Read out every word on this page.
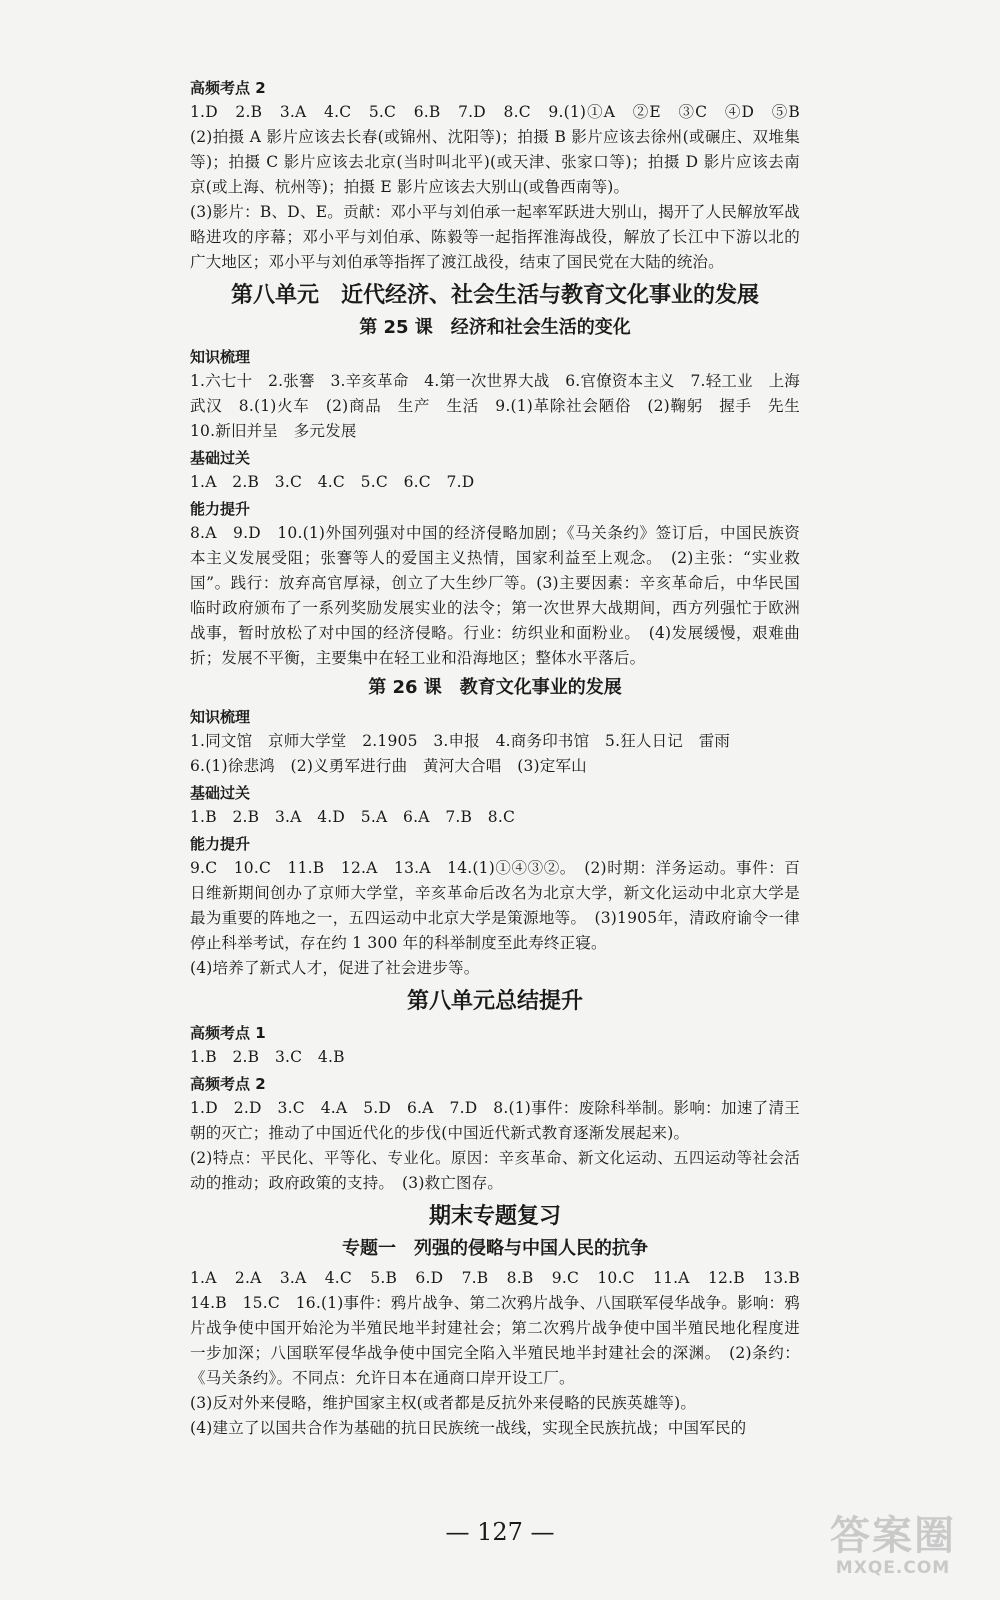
高频考点 2

1.D　2.B　3.A　4.C　5.C　6.B　7.D　8.C　9.(1)①A　②E　③C　④D　⑤B　(2)拍摄 A 影片应该去长春(或锦州、沈阳等)；拍摄 B 影片应该去徐州(或碾庄、双堆集等)；拍摄 C 影片应该去北京(当时叫北平)(或天津、张家口等)；拍摄 D 影片应该去南京(或上海、杭州等)；拍摄 E 影片应该去大别山(或鲁西南等)。
(3)影片：B、D、E。贡献：邓小平与刘伯承一起率军跃进大别山，揭开了人民解放军战略进攻的序幕；邓小平与刘伯承、陈毅等一起指挥淮海战役，解放了长江中下游以北的广大地区；邓小平与刘伯承等指挥了渡江战役，结束了国民党在大陆的统治。

第八单元　近代经济、社会生活与教育文化事业的发展
第 25 课　经济和社会生活的变化
知识梳理

1.六七十　2.张謇　3.辛亥革命　4.第一次世界大战　6.官僚资本主义　7.轻工业　上海　武汉　8.(1)火车　(2)商品　生产　生活　9.(1)革除社会陋俗　(2)鞠躬　握手　先生　10.新旧并呈　多元发展

基础过关

1.A　2.B　3.C　4.C　5.C　6.C　7.D

能力提升

8.A　9.D　10.(1)外国列强对中国的经济侵略加剧；《马关条约》签订后，中国民族资本主义发展受阻；张謇等人的爱国主义热情，国家利益至上观念。　(2)主张：“实业救国”。践行：放弃高官厚禄，创立了大生纱厂等。(3)主要因素：辛亥革命后，中华民国临时政府颁布了一系列奖励发展实业的法令；第一次世界大战期间，西方列强忙于欧洲战事，暂时放松了对中国的经济侵略。行业：纺织业和面粉业。　(4)发展缓慢，艰难曲折；发展不平衡，主要集中在轻工业和沿海地区；整体水平落后。

第 26 课　教育文化事业的发展
知识梳理

1.同文馆　京师大学堂　2.1905　3.申报　4.商务印书馆　5.狂人日记　雷雨
6.(1)徐悲鸿　(2)义勇军进行曲　黄河大合唱　(3)定军山

基础过关

1.B　2.B　3.A　4.D　5.A　6.A　7.B　8.C

能力提升

9.C　10.C　11.B　12.A　13.A　14.(1)①④③②。　(2)时期：洋务运动。事件：百日维新期间创办了京师大学堂，辛亥革命后改名为北京大学，新文化运动中北京大学是最为重要的阵地之一，五四运动中北京大学是策源地等。　(3)1905年，清政府谕令一律停止科举考试，存在约 1 300 年的科举制度至此寿终正寝。
(4)培养了新式人才，促进了社会进步等。

第八单元总结提升
高频考点 1

1.B　2.B　3.C　4.B

高频考点 2

1.D　2.D　3.C　4.A　5.D　6.A　7.D　8.(1)事件：废除科举制。影响：加速了清王朝的灭亡；推动了中国近代化的步伐(中国近代新式教育逐渐发展起来)。
(2)特点：平民化、平等化、专业化。原因：辛亥革命、新文化运动、五四运动等社会活动的推动；政府政策的支持。　(3)救亡图存。

期末专题复习
专题一　列强的侵略与中国人民的抗争

1.A　2.A　3.A　4.C　5.B　6.D　7.B　8.B　9.C　10.C　11.A　12.B　13.B　14.B　15.C　16.(1)事件：鸦片战争、第二次鸦片战争、八国联军侵华战争。影响：鸦片战争使中国开始沦为半殖民地半封建社会；第二次鸦片战争使中国半殖民地化程度进一步加深；八国联军侵华战争使中国完全陷入半殖民地半封建社会的深渊。　(2)条约：《马关条约》。不同点：允许日本在通商口岸开设工厂。
(3)反对外来侵略，维护国家主权(或者都是反抗外来侵略的民族英雄等)。
(4)建立了以国共合作为基础的抗日民族统一战线，实现全民族抗战；中国军民的

— 127 —	答案圈
MXQE.COM
